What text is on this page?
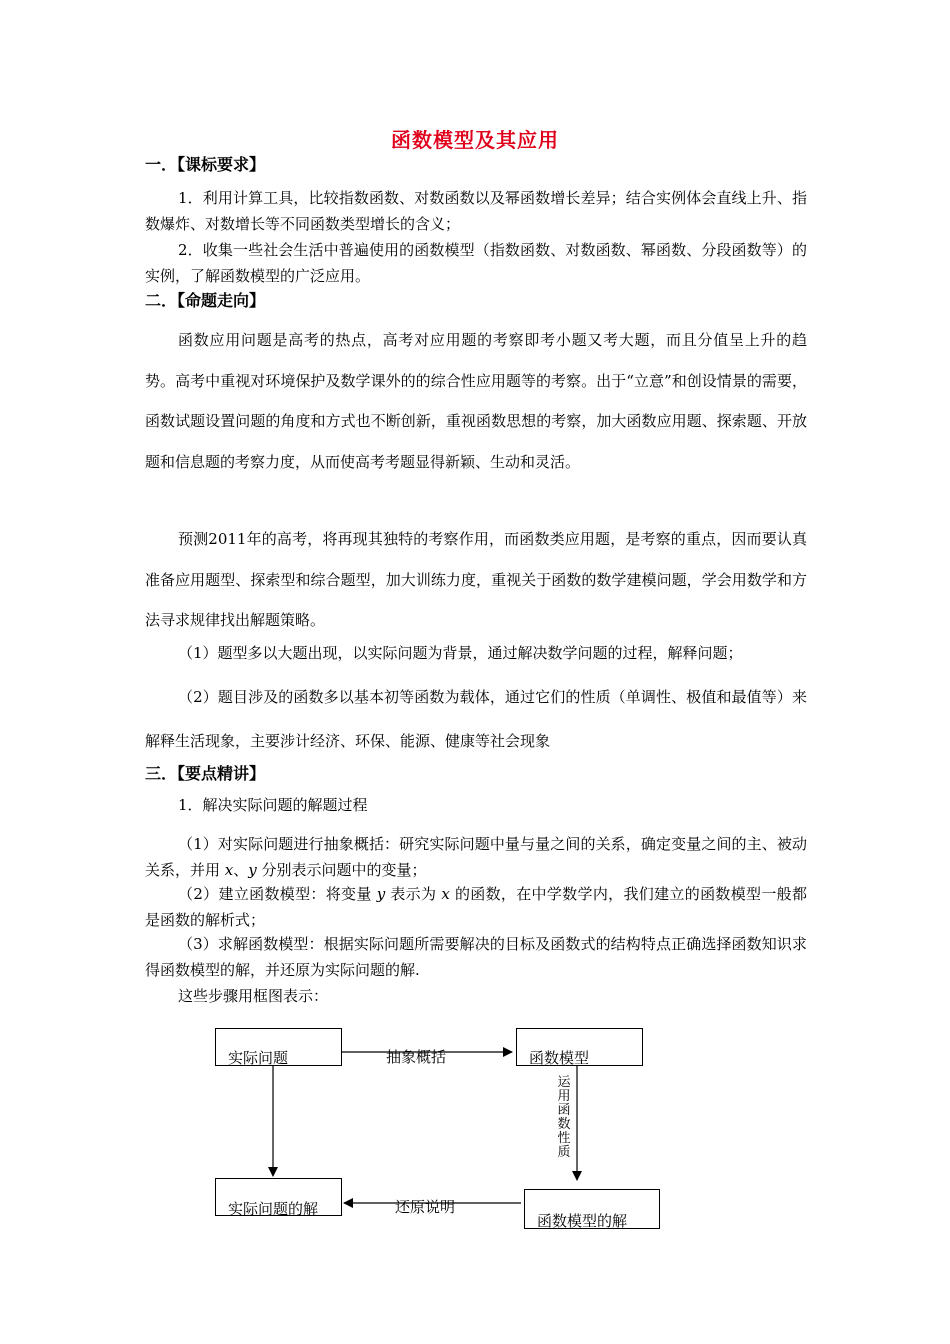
函数模型及其应用
一．【课标要求】
1．利用计算工具，比较指数函数、对数函数以及幂函数增长差异；结合实例体会直线上升、指数爆炸、对数增长等不同函数类型增长的含义；
2．收集一些社会生活中普遍使用的函数模型（指数函数、对数函数、幂函数、分段函数等）的实例，了解函数模型的广泛应用。
二．【命题走向】
函数应用问题是高考的热点，高考对应用题的考察即考小题又考大题，而且分值呈上升的趋势。高考中重视对环境保护及数学课外的的综合性应用题等的考察。出于“立意”和创设情景的需要，函数试题设置问题的角度和方式也不断创新，重视函数思想的考察，加大函数应用题、探索题、开放题和信息题的考察力度，从而使高考考题显得新颖、生动和灵活。
预测2011年的高考，将再现其独特的考察作用，而函数类应用题，是考察的重点，因而要认真准备应用题型、探索型和综合题型，加大训练力度，重视关于函数的数学建模问题，学会用数学和方法寻求规律找出解题策略。
（1）题型多以大题出现，以实际问题为背景，通过解决数学问题的过程，解释问题；
（2）题目涉及的函数多以基本初等函数为载体，通过它们的性质（单调性、极值和最值等）来解释生活现象，主要涉计经济、环保、能源、健康等社会现象
三．【要点精讲】
1．解决实际问题的解题过程
（1）对实际问题进行抽象概括：研究实际问题中量与量之间的关系，确定变量之间的主、被动关系，并用 x、y 分别表示问题中的变量；
（2）建立函数模型：将变量 y 表示为 x 的函数，在中学数学内，我们建立的函数模型一般都是函数的解析式；
（3）求解函数模型：根据实际问题所需要解决的目标及函数式的结构特点正确选择函数知识求得函数模型的解，并还原为实际问题的解.
这些步骤用框图表示：
实际问题	函数模型
实际问题的解
函数模型的解
抽象概括
还原说明
运
用
函
数
性
质
